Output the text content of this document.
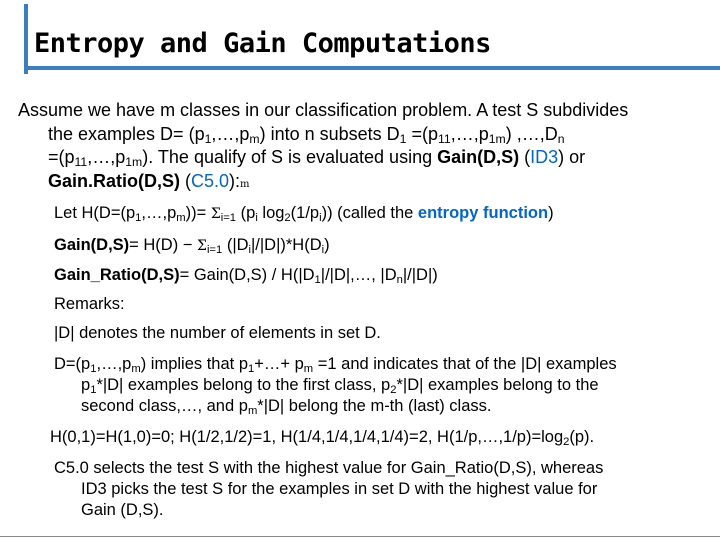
Entropy and Gain Computations

Assume we have m classes in our classification problem. A test S subdivides
the examples $D= (p_1,\dots,p_m)$ into n subsets $D_1$ $=(p_{11},\dots,p_{1m})$ $,\dots,D_n$
$=(p_{11},\dots,p_{1m})$. The qualify of S is evaluated using Gain(D,S) (ID3) or
Gain.Ratio(D,S) (C5.0):m

Let $H(D=(p_1,\dots,p_m))= \Sigma_{i=1}$ ($p_i$ $\log_2(1/p_i)$) (called the entropy function)

Gain(D,S)= $H(D) - \Sigma_{i=1}$ $(|D_i|/|D|)*H(D_i)$

Gain_Ratio(D,S)= Gain(D,S) / $H(|D_1|/|D|,\dots$, $|D_n|/|D|$)

Remarks:

|D| denotes the number of elements in set D.

$D=(p_1,\dots,p_m)$ implies that $p_1+\dots+ p_m =1$ and indicates that of the |D| examples
$p_1*|D|$ examples belong to the first class, $p_2*|D|$ examples belong to the
second class,…, and $p_m*|D|$ belong the m-th (last) class.

H(0,1)=H(1,0)=0; H(1/2,1/2)=1, H(1/4,1/4,1/4,1/4)=2, $H(1/p,\dots,1/p)=\log_2(p)$.

C5.0 selects the test S with the highest value for Gain_Ratio(D,S), whereas
ID3 picks the test S for the examples in set D with the highest value for
Gain (D,S).
